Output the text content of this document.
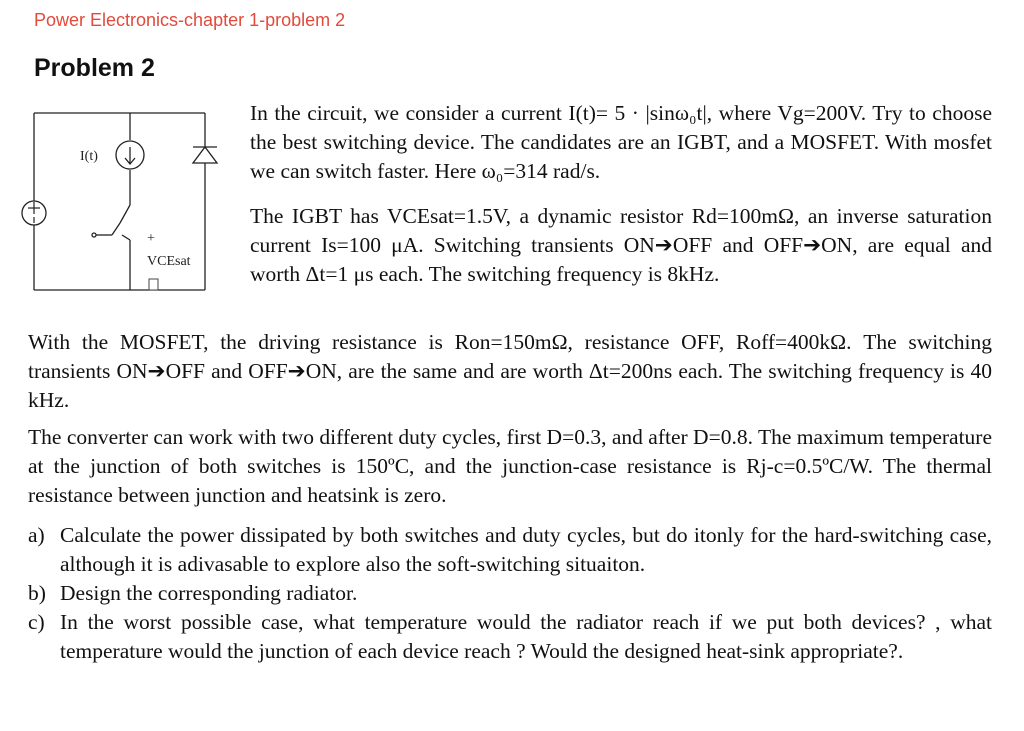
Power Electronics-chapter 1-problem 2
Problem 2
I(t)
+
VCEsat
In the circuit, we consider a current I(t)= 5 · |sinω₀t|, where Vg=200V. Try to choose the best switching device. The candidates are an IGBT, and a MOSFET. With mosfet we can switch faster. Here ω₀=314 rad/s.
The IGBT has VCEsat=1.5V, a dynamic resistor Rd=100mΩ, an inverse saturation current Is=100 μA. Switching transients ON➔OFF and OFF➔ON, are equal and worth Δt=1 μs each. The switching frequency is 8kHz.
With the MOSFET, the driving resistance is Ron=150mΩ, resistance OFF, Roff=400kΩ. The switching transients ON➔OFF and OFF➔ON, are the same and are worth Δt=200ns each. The switching frequency is 40 kHz.
The converter can work with two different duty cycles, first D=0.3, and after D=0.8. The maximum temperature at the junction of both switches is 150ºC, and the junction-case resistance is Rj-c=0.5ºC/W. The thermal resistance between junction and heatsink is zero.
a) Calculate the power dissipated by both switches and duty cycles, but do itonly for the hard-switching case, although it is adivasable to explore also the soft-switching situaiton.
b) Design the corresponding radiator.
c) In the worst possible case, what temperature would the radiator reach if we put both devices? , what temperature would the junction of each device reach ? Would the designed heat-sink appropriate?.
